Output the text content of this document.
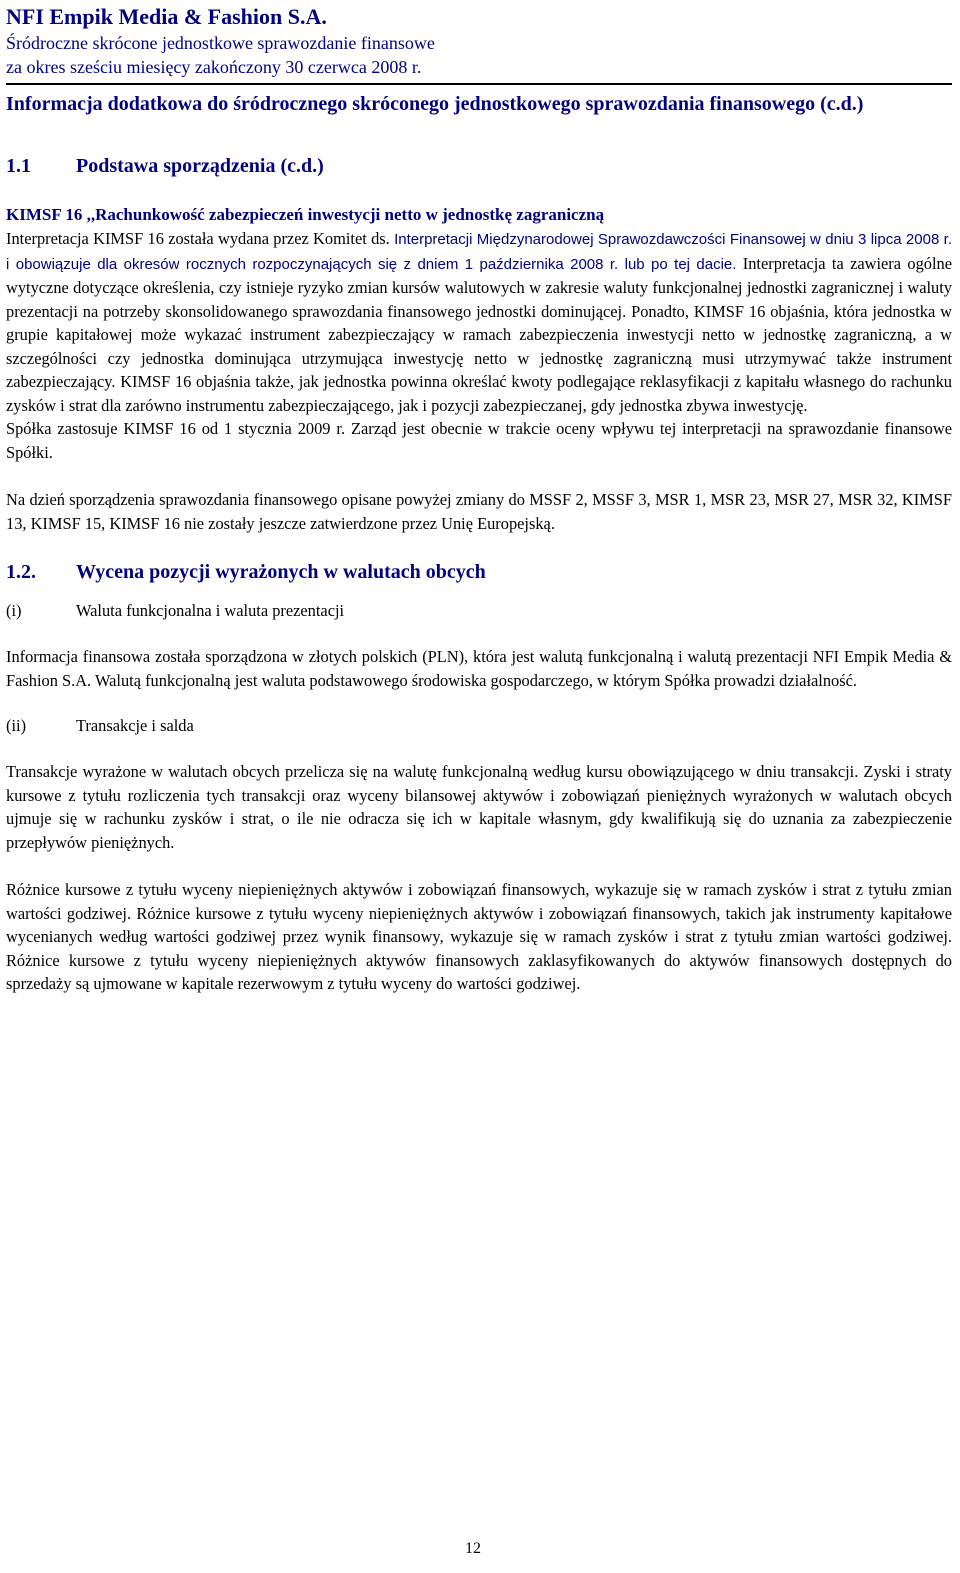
NFI Empik Media & Fashion S.A.
Śródroczne skrócone jednostkowe sprawozdanie finansowe
za okres sześciu miesięcy zakończony 30 czerwca 2008 r.
Informacja dodatkowa do śródrocznego skróconego jednostkowego sprawozdania finansowego (c.d.)
1.1	Podstawa sporządzenia (c.d.)
KIMSF 16 ,,Rachunkowość zabezpieczeń inwestycji netto w jednostkę zagraniczną

Interpretacja KIMSF 16 została wydana przez Komitet ds. Interpretacji Międzynarodowej Sprawozdawczości Finansowej w dniu 3 lipca 2008 r. i obowiązuje dla okresów rocznych rozpoczynających się z dniem 1 października 2008 r. lub po tej dacie. Interpretacja ta zawiera ogólne wytyczne dotyczące określenia, czy istnieje ryzyko zmian kursów walutowych w zakresie waluty funkcjonalnej jednostki zagranicznej i waluty prezentacji na potrzeby skonsolidowanego sprawozdania finansowego jednostki dominującej. Ponadto, KIMSF 16 objaśnia, która jednostka w grupie kapitałowej może wykazać instrument zabezpieczający w ramach zabezpieczenia inwestycji netto w jednostkę zagraniczną, a w szczególności czy jednostka dominująca utrzymująca inwestycję netto w jednostkę zagraniczną musi utrzymywać także instrument zabezpieczający. KIMSF 16 objaśnia także, jak jednostka powinna określać kwoty podlegające reklasyfikacji z kapitału własnego do rachunku zysków i strat dla zarówno instrumentu zabezpieczającego, jak i pozycji zabezpieczanej, gdy jednostka zbywa inwestycję.
Spółka zastosuje KIMSF 16 od 1 stycznia 2009 r. Zarząd jest obecnie w trakcie oceny wpływu tej interpretacji na sprawozdanie finansowe Spółki.

Na dzień sporządzenia sprawozdania finansowego opisane powyżej zmiany do MSSF 2, MSSF 3, MSR 1, MSR 23, MSR 27, MSR 32, KIMSF 13, KIMSF 15, KIMSF 16 nie zostały jeszcze zatwierdzone przez Unię Europejską.

1.2.	Wycena pozycji wyrażonych w walutach obcych
(i)	Waluta funkcjonalna i waluta prezentacji

Informacja finansowa została sporządzona w złotych polskich (PLN), która jest walutą funkcjonalną i walutą prezentacji NFI Empik Media & Fashion S.A. Walutą funkcjonalną jest waluta podstawowego środowiska gospodarczego, w którym Spółka prowadzi działalność.

(ii)	Transakcje i salda

Transakcje wyrażone w walutach obcych przelicza się na walutę funkcjonalną według kursu obowiązującego w dniu transakcji. Zyski i straty kursowe z tytułu rozliczenia tych transakcji oraz wyceny bilansowej aktywów i zobowiązań pieniężnych wyrażonych w walutach obcych ujmuje się w rachunku zysków i strat, o ile nie odracza się ich w kapitale własnym, gdy kwalifikują się do uznania za zabezpieczenie przepływów pieniężnych.

Różnice kursowe z tytułu wyceny niepieniężnych aktywów i zobowiązań finansowych, wykazuje się w ramach zysków i strat z tytułu zmian wartości godziwej. Różnice kursowe z tytułu wyceny niepieniężnych aktywów i zobowiązań finansowych, takich jak instrumenty kapitałowe wycenianych według wartości godziwej przez wynik finansowy, wykazuje się w ramach zysków i strat z tytułu zmian wartości godziwej. Różnice kursowe z tytułu wyceny niepieniężnych aktywów finansowych zaklasyfikowanych do aktywów finansowych dostępnych do sprzedaży są ujmowane w kapitale rezerwowym z tytułu wyceny do wartości godziwej.

12
